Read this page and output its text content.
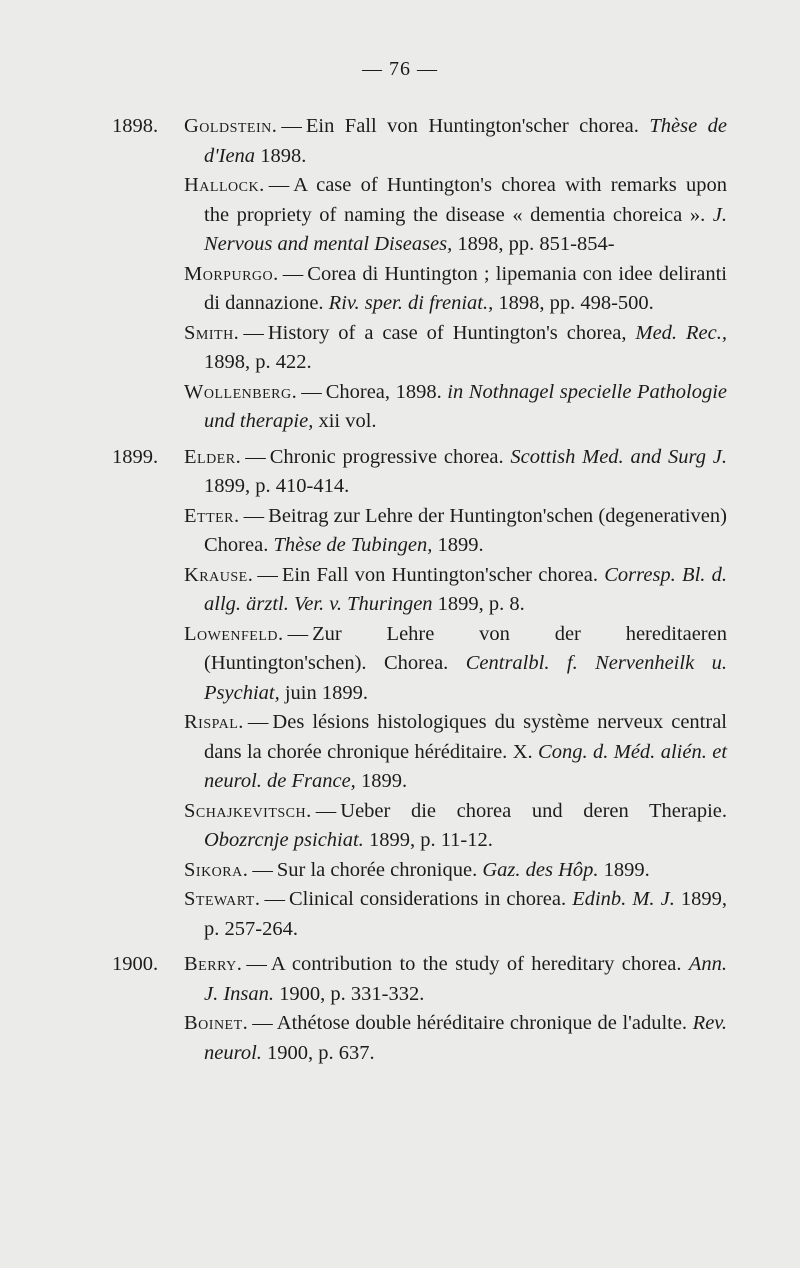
— 76 —
1898.	Goldstein. — Ein Fall von Huntington'scher chorea. Thèse de d'Iena 1898.
Hallock. — A case of Huntington's chorea with remarks upon the propriety of naming the disease « dementia choreica ». J. Nervous and mental Diseases, 1898, pp. 851-854-
Morpurgo. — Corea di Huntington ; lipemania con idee deliranti di dannazione. Riv. sper. di freniat., 1898, pp. 498-500.
Smith. — History of a case of Huntington's chorea, Med. Rec., 1898, p. 422.
Wollenberg. — Chorea, 1898. in Nothnagel specielle Pathologie und therapie, xii vol.
1899.	Elder. — Chronic progressive chorea. Scottish Med. and Surg J. 1899, p. 410-414.
Etter. — Beitrag zur Lehre der Huntington'schen (degenerativen) Chorea. Thèse de Tubingen, 1899.
Krause. — Ein Fall von Huntington'scher chorea. Corresp. Bl. d. allg. ärztl. Ver. v. Thuringen 1899, p. 8.
Lowenfeld. — Zur Lehre von der hereditaeren (Huntington'schen). Chorea. Centralbl. f. Nervenheilk u. Psychiat, juin 1899.
Rispal. — Des lésions histologiques du système nerveux central dans la chorée chronique héréditaire. X. Cong. d. Méd. alién. et neurol. de France, 1899.
Schajkevitsch. — Ueber die chorea und deren Therapie. Obozrcnje psichiat. 1899, p. 11-12.
Sikora. — Sur la chorée chronique. Gaz. des Hôp. 1899.
Stewart. — Clinical considerations in chorea. Edinb. M. J. 1899, p. 257-264.
1900.	Berry. — A contribution to the study of hereditary chorea. Ann. J. Insan. 1900, p. 331-332.
Boinet. — Athétose double héréditaire chronique de l'adulte. Rev. neurol. 1900, p. 637.
